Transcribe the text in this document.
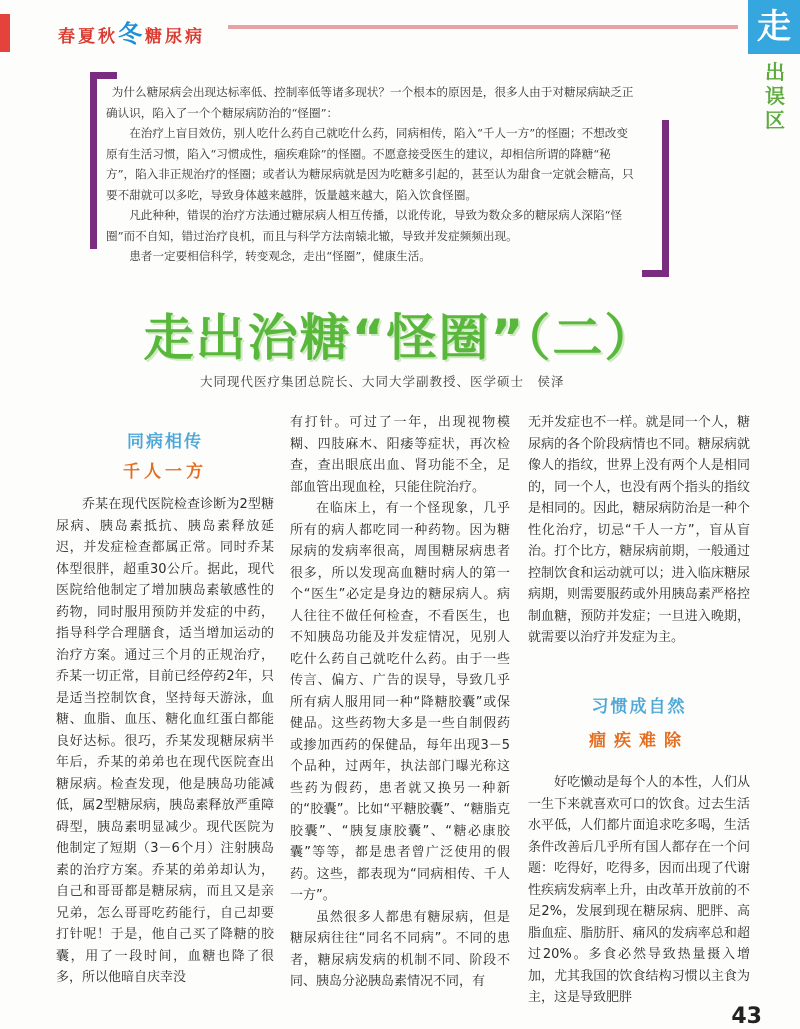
春夏秋冬糖尿病	走
出误区

为什么糖尿病会出现达标率低、控制率低等诸多现状？一个根本的原因是，很多人由于对糖尿病缺乏正确认识，陷入了一个个糖尿病防治的“怪圈”：

在治疗上盲目效仿，别人吃什么药自己就吃什么药，同病相传，陷入“千人一方”的怪圈；不想改变原有生活习惯，陷入“习惯成性，痼疾难除”的怪圈。不愿意接受医生的建议，却相信所谓的降糖“秘方”，陷入非正规治疗的怪圈；或者认为糖尿病就是因为吃糖多引起的，甚至认为甜食一定就会糖高，只要不甜就可以多吃，导致身体越来越胖，饭量越来越大，陷入饮食怪圈。

凡此种种，错误的治疗方法通过糖尿病人相互传播，以讹传讹，导致为数众多的糖尿病人深陷“怪圈”而不自知，错过治疗良机，而且与科学方法南辕北辙，导致并发症频频出现。

患者一定要相信科学，转变观念，走出“怪圈”，健康生活。

走出治糖“怪圈”（二）
大同现代医疗集团总院长、大同大学副教授、医学硕士　侯泽
同病相传
千人一方

乔某在现代医院检查诊断为2型糖尿病、胰岛素抵抗、胰岛素释放延迟，并发症检查都属正常。同时乔某体型很胖，超重30公斤。据此，现代医院给他制定了增加胰岛素敏感性的药物，同时服用预防并发症的中药，指导科学合理膳食，适当增加运动的治疗方案。通过三个月的正规治疗，乔某一切正常，目前已经停药2年，只是适当控制饮食，坚持每天游泳，血糖、血脂、血压、糖化血红蛋白都能良好达标。很巧，乔某发现糖尿病半年后，乔某的弟弟也在现代医院查出糖尿病。检查发现，他是胰岛功能减低，属2型糖尿病，胰岛素释放严重障碍型，胰岛素明显减少。现代医院为他制定了短期（3－6个月）注射胰岛素的治疗方案。乔某的弟弟却认为，自己和哥哥都是糖尿病，而且又是亲兄弟，怎么哥哥吃药能行，自己却要打针呢！于是，他自己买了降糖的胶囊，用了一段时间，血糖也降了很多，所以他暗自庆幸没

有打针。可过了一年，出现视物模糊、四肢麻木、阳痿等症状，再次检查，查出眼底出血、肾功能不全，足部血管出现血栓，只能住院治疗。

在临床上，有一个怪现象，几乎所有的病人都吃同一种药物。因为糖尿病的发病率很高，周围糖尿病患者很多，所以发现高血糖时病人的第一个“医生”必定是身边的糖尿病人。病人往往不做任何检查，不看医生，也不知胰岛功能及并发症情况，见别人吃什么药自己就吃什么药。由于一些传言、偏方、广告的误导，导致几乎所有病人服用同一种“降糖胶囊”或保健品。这些药物大多是一些自制假药或掺加西药的保健品，每年出现3－5个品种，过两年，执法部门曝光称这些药为假药，患者就又换另一种新的“胶囊”。比如“平糖胶囊”、“糖脂克胶囊”、“胰复康胶囊”、“糖必康胶囊”等等，都是患者曾广泛使用的假药。这些，都表现为“同病相传、千人一方”。

虽然很多人都患有糖尿病，但是糖尿病往往“同名不同病”。不同的患者，糖尿病发病的机制不同、阶段不同、胰岛分泌胰岛素情况不同，有

无并发症也不一样。就是同一个人，糖尿病的各个阶段病情也不同。糖尿病就像人的指纹，世界上没有两个人是相同的，同一个人，也没有两个指头的指纹是相同的。因此，糖尿病防治是一种个性化治疗，切忌“千人一方”，盲从盲治。打个比方，糖尿病前期，一般通过控制饮食和运动就可以；进入临床糖尿病期，则需要服药或外用胰岛素严格控制血糖，预防并发症；一旦进入晚期，就需要以治疗并发症为主。

习惯成自然
痼疾难除

好吃懒动是每个人的本性，人们从一生下来就喜欢可口的饮食。过去生活水平低，人们都片面追求吃多喝，生活条件改善后几乎所有国人都存在一个问题：吃得好，吃得多，因而出现了代谢性疾病发病率上升，由改革开放前的不足2%，发展到现在糖尿病、肥胖、高脂血症、脂肪肝、痛风的发病率总和超过20%。多食必然导致热量摄入增加，尤其我国的饮食结构习惯以主食为主，这是导致肥胖

43
